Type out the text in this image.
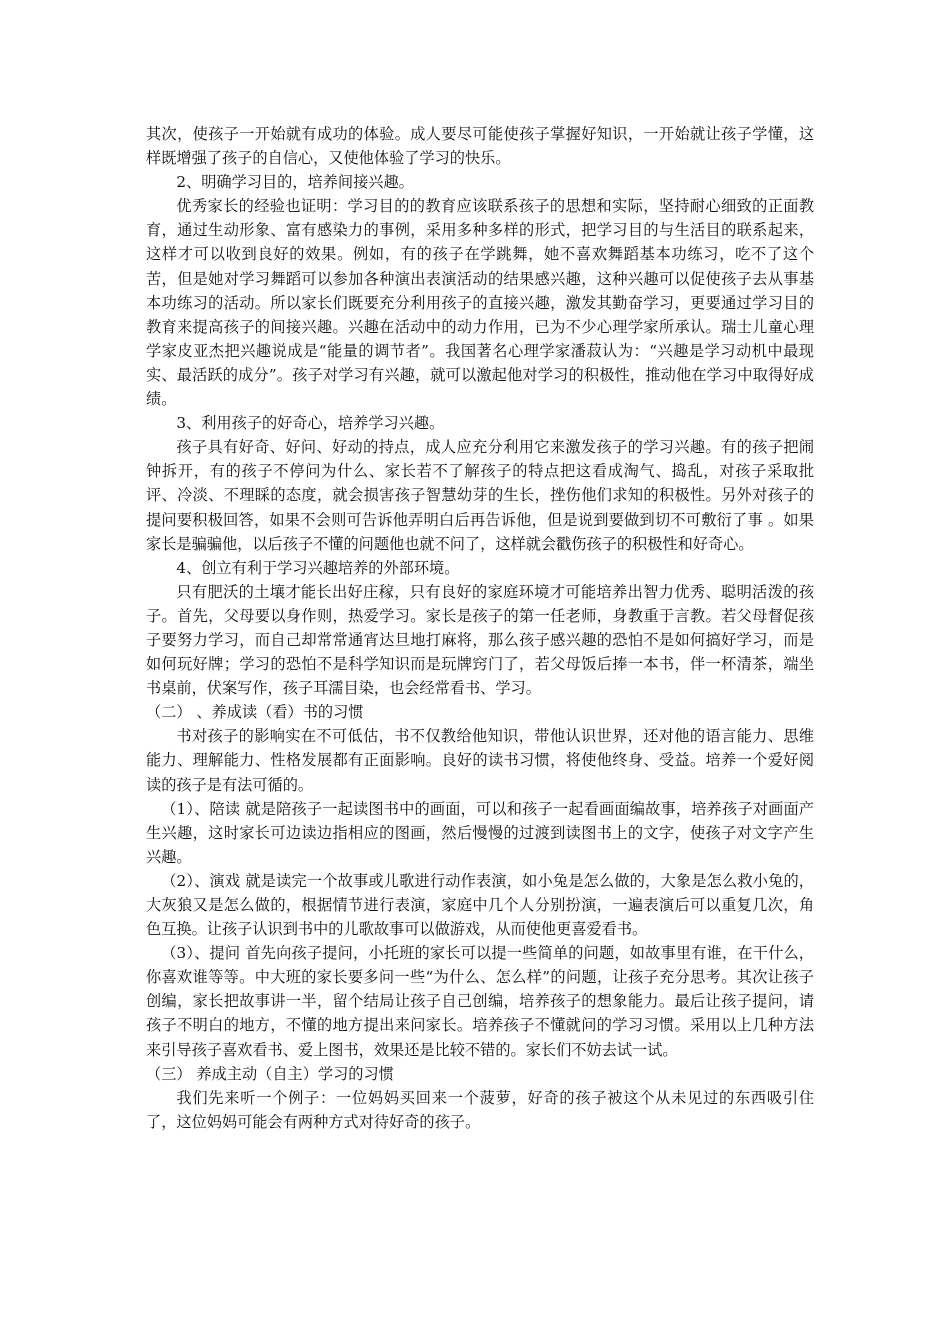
其次，使孩子一开始就有成功的体验。成人要尽可能使孩子掌握好知识，一开始就让孩子学懂，这样既增强了孩子的自信心，又使他体验了学习的快乐。

2、明确学习目的，培养间接兴趣。

优秀家长的经验也证明：学习目的的教育应该联系孩子的思想和实际，坚持耐心细致的正面教育，通过生动形象、富有感染力的事例，采用多种多样的形式，把学习目的与生活目的联系起来，这样才可以收到良好的效果。例如，有的孩子在学跳舞，她不喜欢舞蹈基本功练习，吃不了这个苦，但是她对学习舞蹈可以参加各种演出表演活动的结果感兴趣，这种兴趣可以促使孩子去从事基本功练习的活动。所以家长们既要充分利用孩子的直接兴趣，激发其勤奋学习，更要通过学习目的教育来提高孩子的间接兴趣。兴趣在活动中的动力作用，已为不少心理学家所承认。瑞士儿童心理学家皮亚杰把兴趣说成是“能量的调节者”。我国著名心理学家潘菽认为：“兴趣是学习动机中最现实、最活跃的成分”。孩子对学习有兴趣，就可以激起他对学习的积极性，推动他在学习中取得好成绩。

3、利用孩子的好奇心，培养学习兴趣。

孩子具有好奇、好问、好动的持点，成人应充分利用它来激发孩子的学习兴趣。有的孩子把闹钟拆开，有的孩子不停问为什么、家长若不了解孩子的特点把这看成淘气、捣乱，对孩子采取批评、冷淡、不理睬的态度，就会损害孩子智慧幼芽的生长，挫伤他们求知的积极性。另外对孩子的提问要积极回答，如果不会则可告诉他弄明白后再告诉他，但是说到要做到切不可敷衍了事 。如果家长是骗骗他，以后孩子不懂的问题他也就不问了，这样就会戳伤孩子的积极性和好奇心。

4、创立有利于学习兴趣培养的外部环境。

只有肥沃的土壤才能长出好庄稼，只有良好的家庭环境才可能培养出智力优秀、聪明活泼的孩子。首先，父母要以身作则，热爱学习。家长是孩子的第一任老师，身教重于言教。若父母督促孩子要努力学习，而自己却常常通宵达旦地打麻将，那么孩子感兴趣的恐怕不是如何搞好学习，而是如何玩好牌；学习的恐怕不是科学知识而是玩牌窍门了，若父母饭后捧一本书，伴一杯清茶，端坐书桌前，伏案写作，孩子耳濡目染，也会经常看书、学习。

（二） 、养成读（看）书的习惯

书对孩子的影响实在不可低估，书不仅教给他知识，带他认识世界，还对他的语言能力、思维能力、理解能力、性格发展都有正面影响。良好的读书习惯，将使他终身、受益。培养一个爱好阅读的孩子是有法可循的。

（1）、陪读 就是陪孩子一起读图书中的画面，可以和孩子一起看画面编故事，培养孩子对画面产生兴趣，这时家长可边读边指相应的图画，然后慢慢的过渡到读图书上的文字，使孩子对文字产生兴趣。

（2）、演戏 就是读完一个故事或儿歌进行动作表演，如小兔是怎么做的，大象是怎么救小兔的，大灰狼又是怎么做的，根据情节进行表演，家庭中几个人分别扮演，一遍表演后可以重复几次，角色互换。让孩子认识到书中的儿歌故事可以做游戏，从而使他更喜爱看书。

（3）、提问 首先向孩子提问，小托班的家长可以提一些简单的问题，如故事里有谁，在干什么，你喜欢谁等等。中大班的家长要多问一些“为什么、怎么样”的问题，让孩子充分思考。其次让孩子创编，家长把故事讲一半，留个结局让孩子自己创编，培养孩子的想象能力。最后让孩子提问，请孩子不明白的地方，不懂的地方提出来问家长。培养孩子不懂就问的学习习惯。采用以上几种方法来引导孩子喜欢看书、爱上图书，效果还是比较不错的。家长们不妨去试一试。

（三） 养成主动（自主）学习的习惯

我们先来听一个例子：一位妈妈买回来一个菠萝，好奇的孩子被这个从未见过的东西吸引住了，这位妈妈可能会有两种方式对待好奇的孩子。
